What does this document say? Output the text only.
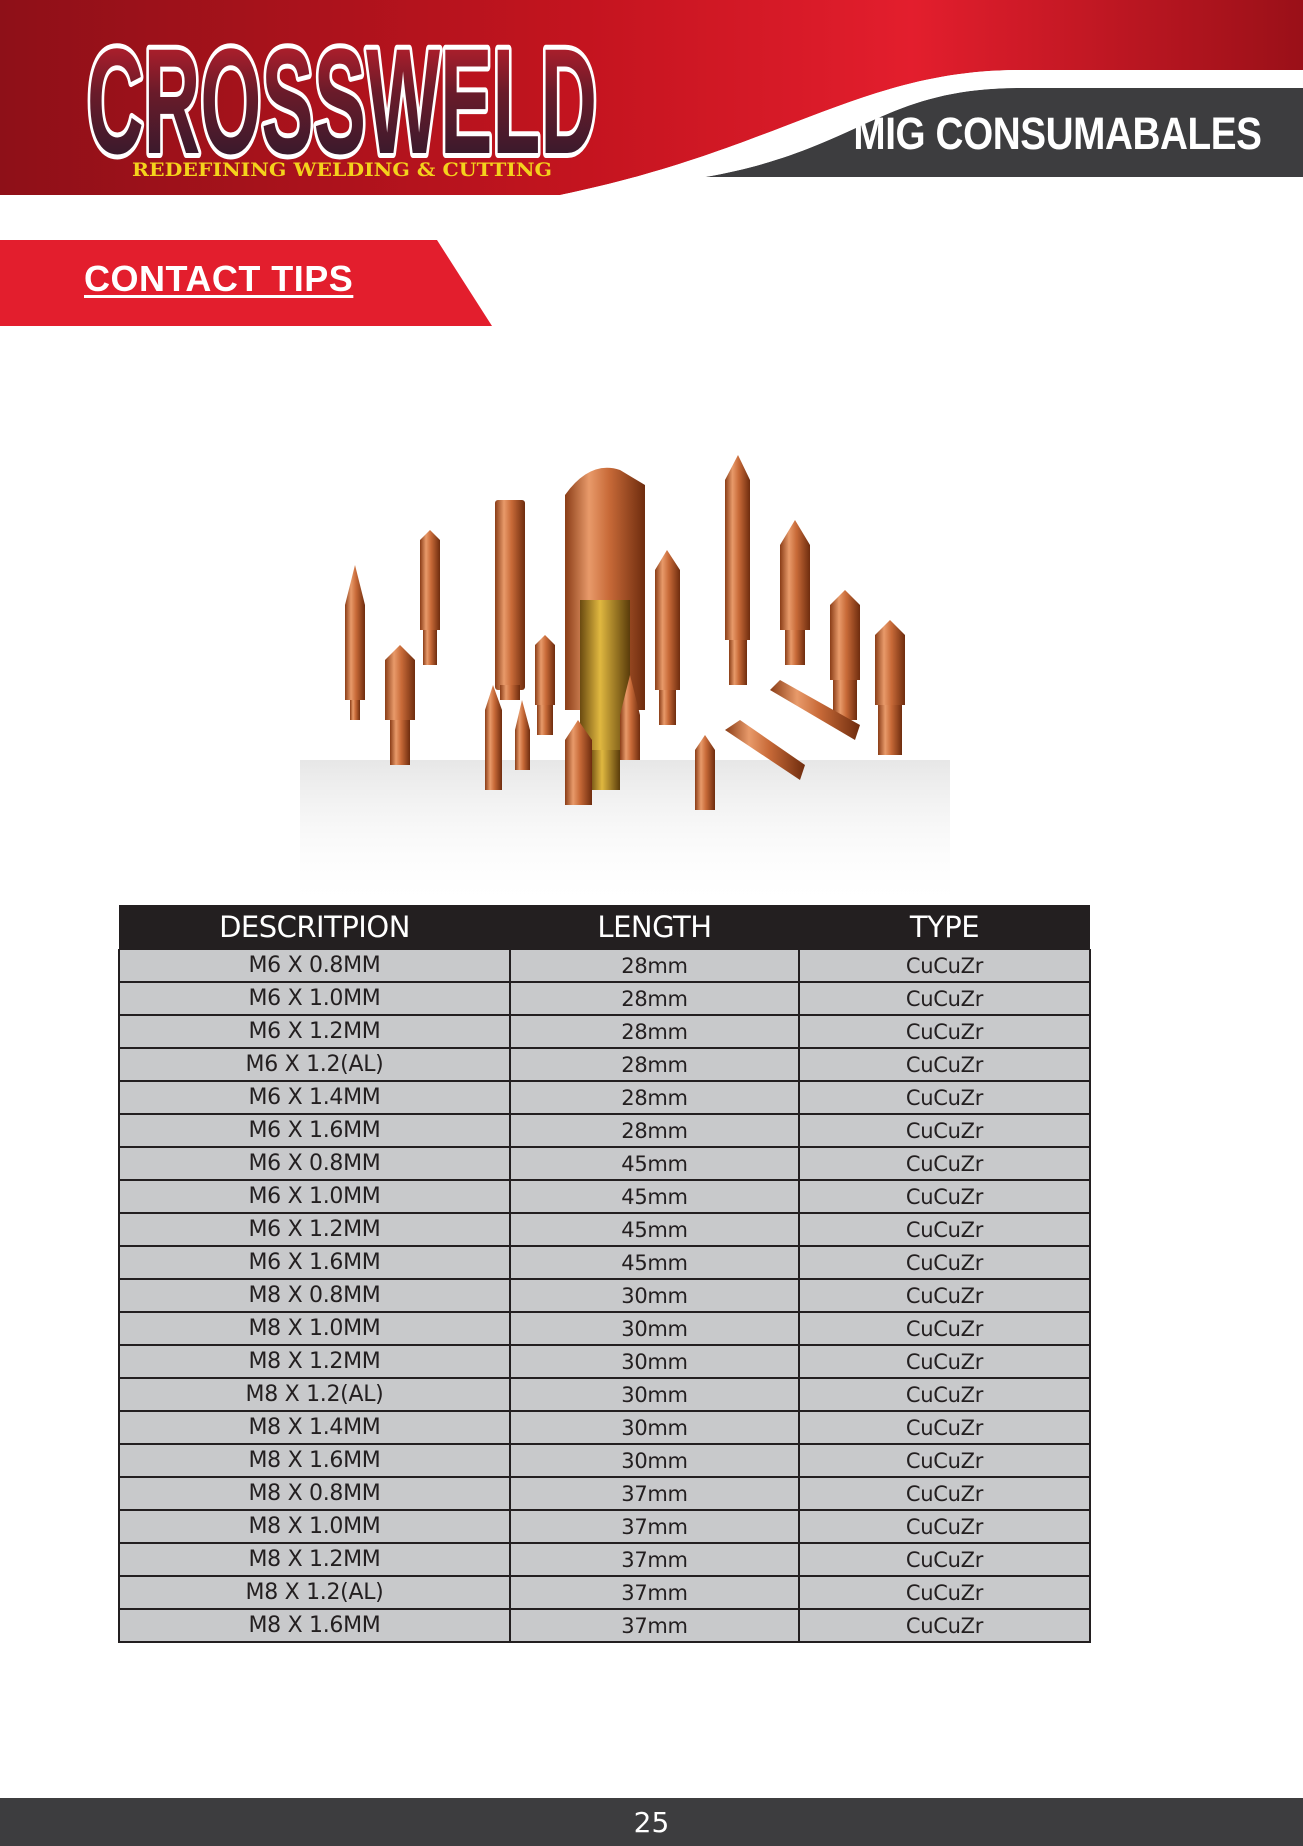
CROSSWELD
CROSSWELD
REDEFINING WELDING & CUTTING
MIG CONSUMABALES
CONTACT TIPS
DESCRITPION	LENGTH	TYPE
M6 X 0.8MM	28mm	CuCuZr
M6 X 1.0MM	28mm	CuCuZr
M6 X 1.2MM	28mm	CuCuZr
M6 X 1.2(AL)	28mm	CuCuZr
M6 X 1.4MM	28mm	CuCuZr
M6 X 1.6MM	28mm	CuCuZr
M6 X 0.8MM	45mm	CuCuZr
M6 X 1.0MM	45mm	CuCuZr
M6 X 1.2MM	45mm	CuCuZr
M6 X 1.6MM	45mm	CuCuZr
M8 X 0.8MM	30mm	CuCuZr
M8 X 1.0MM	30mm	CuCuZr
M8 X 1.2MM	30mm	CuCuZr
M8 X 1.2(AL)	30mm	CuCuZr
M8 X 1.4MM	30mm	CuCuZr
M8 X 1.6MM	30mm	CuCuZr
M8 X 0.8MM	37mm	CuCuZr
M8 X 1.0MM	37mm	CuCuZr
M8 X 1.2MM	37mm	CuCuZr
M8 X 1.2(AL)	37mm	CuCuZr
M8 X 1.6MM	37mm	CuCuZr
25
